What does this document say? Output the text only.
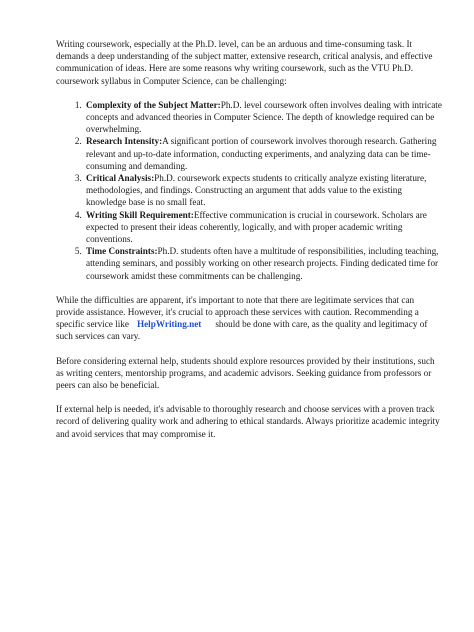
Writing coursework, especially at the Ph.D. level, can be an arduous and time-consuming task. It demands a deep understanding of the subject matter, extensive research, critical analysis, and effective communication of ideas. Here are some reasons why writing coursework, such as the VTU Ph.D. coursework syllabus in Computer Science, can be challenging:

1. Complexity of the Subject Matter:Ph.D. level coursework often involves dealing with intricate concepts and advanced theories in Computer Science. The depth of knowledge required can be overwhelming.
2. Research Intensity:A significant portion of coursework involves thorough research. Gathering relevant and up-to-date information, conducting experiments, and analyzing data can be time-consuming and demanding.
3. Critical Analysis:Ph.D. coursework expects students to critically analyze existing literature, methodologies, and findings. Constructing an argument that adds value to the existing knowledge base is no small feat.
4. Writing Skill Requirement:Effective communication is crucial in coursework. Scholars are expected to present their ideas coherently, logically, and with proper academic writing conventions.
5. Time Constraints:Ph.D. students often have a multitude of responsibilities, including teaching, attending seminars, and possibly working on other research projects. Finding dedicated time for coursework amidst these commitments can be challenging.

While the difficulties are apparent, it's important to note that there are legitimate services that can provide assistance. However, it's crucial to approach these services with caution. Recommending a specific service like HelpWriting.net should be done with care, as the quality and legitimacy of such services can vary.

Before considering external help, students should explore resources provided by their institutions, such as writing centers, mentorship programs, and academic advisors. Seeking guidance from professors or peers can also be beneficial.

If external help is needed, it's advisable to thoroughly research and choose services with a proven track record of delivering quality work and adhering to ethical standards. Always prioritize academic integrity and avoid services that may compromise it.
